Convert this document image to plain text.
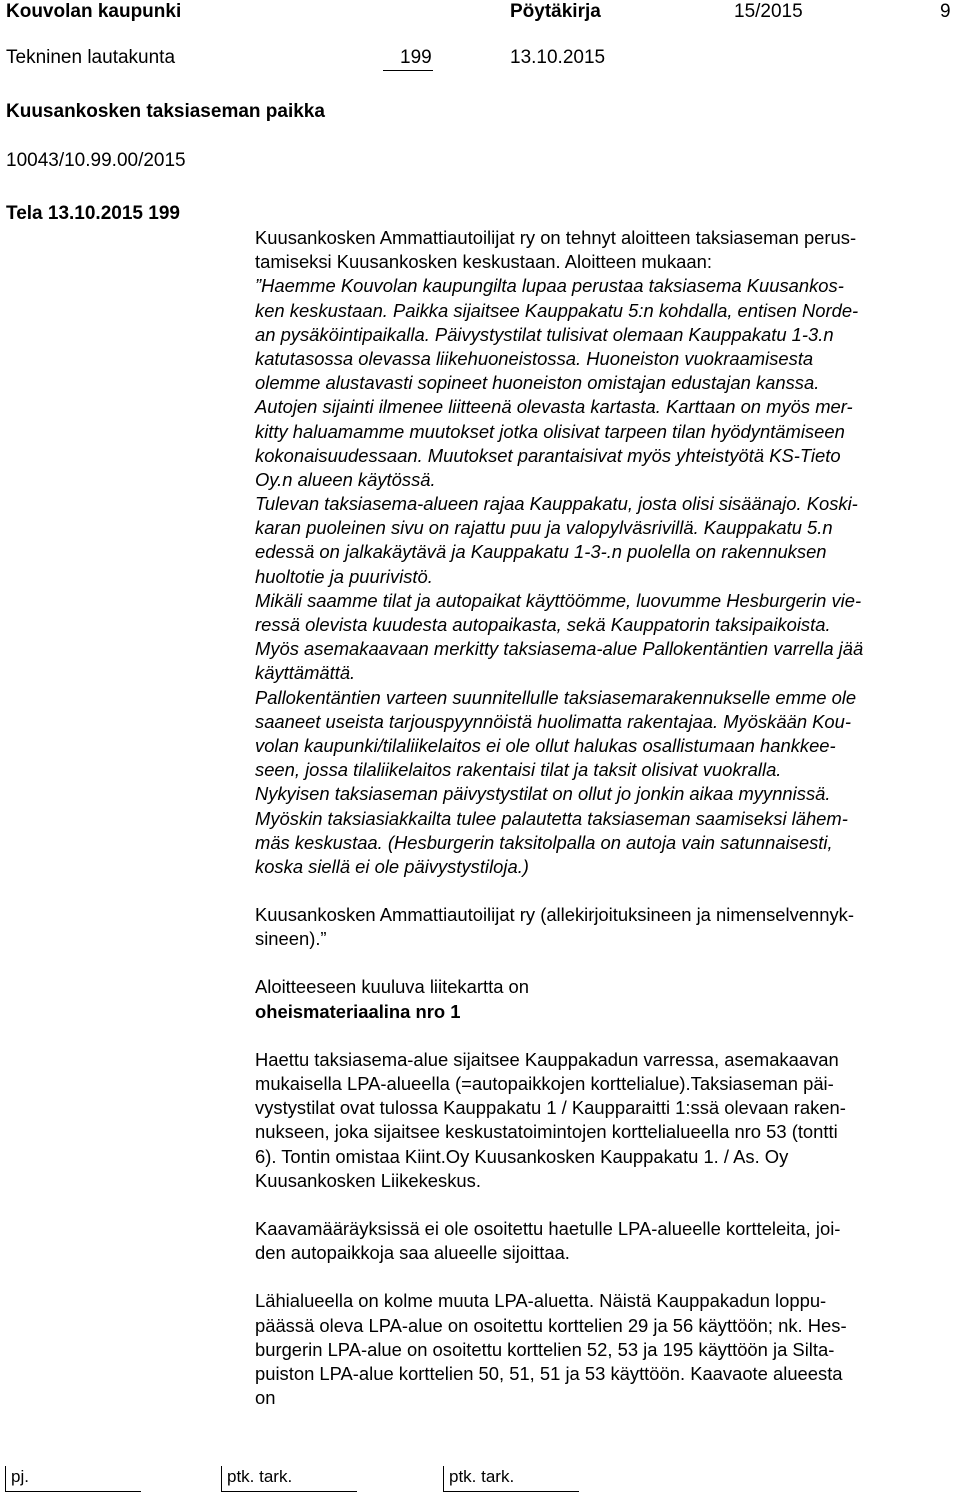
Kouvolan kaupunki	Pöytäkirja	15/2015	9
Tekninen lautakunta	199	13.10.2015
Kuusankosken taksiaseman paikka
10043/10.99.00/2015
Tela 13.10.2015 199
Kuusankosken Ammattiautoilijat ry on tehnyt aloitteen taksiaseman perus-
tamiseksi Kuusankosken keskustaan. Aloitteen mukaan:
”Haemme Kouvolan kaupungilta lupaa perustaa taksiasema Kuusankos-
ken keskustaan. Paikka sijaitsee Kauppakatu 5:n kohdalla, entisen Norde-
an pysäköintipaikalla. Päivystystilat tulisivat olemaan Kauppakatu 1-3.n
katutasossa olevassa liikehuoneistossa. Huoneiston vuokraamisesta
olemme alustavasti sopineet huoneiston omistajan edustajan kanssa.
Autojen sijainti ilmenee liitteenä olevasta kartasta. Karttaan on myös mer-
kitty haluamamme muutokset jotka olisivat tarpeen tilan hyödyntämiseen
kokonaisuudessaan. Muutokset parantaisivat myös yhteistyötä KS-Tieto
Oy.n alueen käytössä.
Tulevan taksiasema-alueen rajaa Kauppakatu, josta olisi sisäänajo. Koski-
karan puoleinen sivu on rajattu puu ja valopylväsrivillä. Kauppakatu 5.n
edessä on jalkakäytävä ja Kauppakatu 1-3-.n puolella on rakennuksen
huoltotie ja puurivistö.
Mikäli saamme tilat ja autopaikat käyttöömme, luovumme Hesburgerin vie-
ressä olevista kuudesta autopaikasta, sekä Kauppatorin taksipaikoista.
Myös asemakaavaan merkitty taksiasema-alue Pallokentäntien varrella jää
käyttämättä.
Pallokentäntien varteen suunnitellulle taksiasemarakennukselle emme ole
saaneet useista tarjouspyynnöistä huolimatta rakentajaa. Myöskään Kou-
volan kaupunki/tilaliikelaitos ei ole ollut halukas osallistumaan hankkee-
seen, jossa tilaliikelaitos rakentaisi tilat ja taksit olisivat vuokralla.
Nykyisen taksiaseman päivystystilat on ollut jo jonkin aikaa myynnissä.
Myöskin taksiasiakkailta tulee palautetta taksiaseman saamiseksi lähem-
mäs keskustaa. (Hesburgerin taksitolpalla on autoja vain satunnaisesti,
koska siellä ei ole päivystystiloja.)
Kuusankosken Ammattiautoilijat ry (allekirjoituksineen ja nimenselvennyk-
sineen).”
Aloitteeseen kuuluva liitekartta on
oheismateriaalina nro 1
Haettu taksiasema-alue sijaitsee Kauppakadun varressa, asemakaavan
mukaisella LPA-alueella (=autopaikkojen korttelialue).Taksiaseman päi-
vystystilat ovat tulossa Kauppakatu 1 / Kaupparaitti 1:ssä olevaan raken-
nukseen, joka sijaitsee keskustatoimintojen korttelialueella nro 53 (tontti
6). Tontin omistaa Kiint.Oy Kuusankosken Kauppakatu 1. / As. Oy
Kuusankosken Liikekeskus.
Kaavamääräyksissä ei ole osoitettu haetulle LPA-alueelle kortteleita, joi-
den autopaikkoja saa alueelle sijoittaa.
Lähialueella on kolme muuta LPA-aluetta. Näistä Kauppakadun loppu-
päässä oleva LPA-alue on osoitettu korttelien 29 ja 56 käyttöön; nk. Hes-
burgerin LPA-alue on osoitettu korttelien 52, 53 ja 195 käyttöön ja Silta-
puiston LPA-alue korttelien 50, 51, 51 ja 53 käyttöön. Kaavaote alueesta
on
pj.	ptk. tark.	ptk. tark.
